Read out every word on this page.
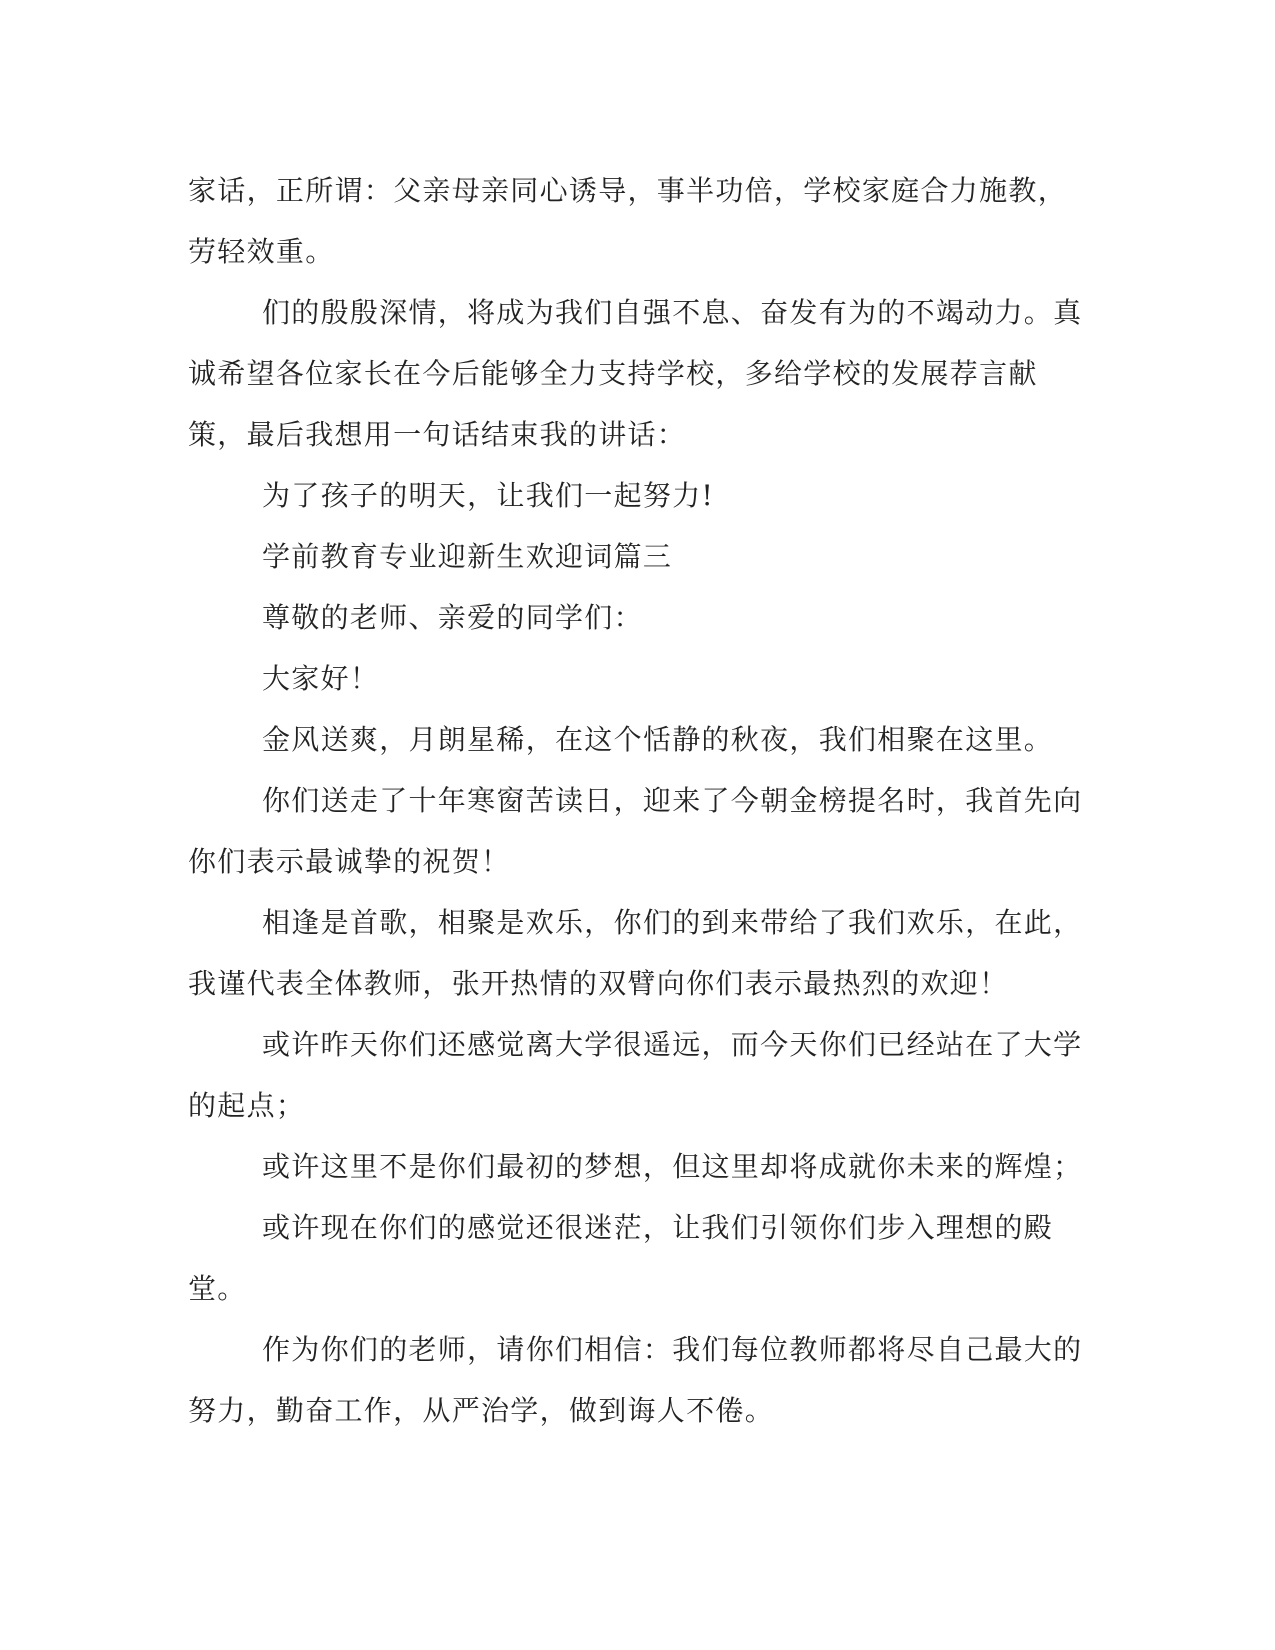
家话，正所谓：父亲母亲同心诱导，事半功倍，学校家庭合力施教，劳轻效重。

们的殷殷深情，将成为我们自强不息、奋发有为的不竭动力。真诚希望各位家长在今后能够全力支持学校，多给学校的发展荐言献策，最后我想用一句话结束我的讲话：

为了孩子的明天，让我们一起努力!

学前教育专业迎新生欢迎词篇三

尊敬的老师、亲爱的同学们：

大家好！

金风送爽，月朗星稀，在这个恬静的秋夜，我们相聚在这里。

你们送走了十年寒窗苦读日，迎来了今朝金榜提名时，我首先向你们表示最诚挚的祝贺！

相逢是首歌，相聚是欢乐，你们的到来带给了我们欢乐，在此，我谨代表全体教师，张开热情的双臂向你们表示最热烈的欢迎！

或许昨天你们还感觉离大学很遥远，而今天你们已经站在了大学的起点；

或许这里不是你们最初的梦想，但这里却将成就你未来的辉煌；

或许现在你们的感觉还很迷茫，让我们引领你们步入理想的殿堂。

作为你们的老师，请你们相信：我们每位教师都将尽自己最大的努力，勤奋工作，从严治学，做到诲人不倦。
